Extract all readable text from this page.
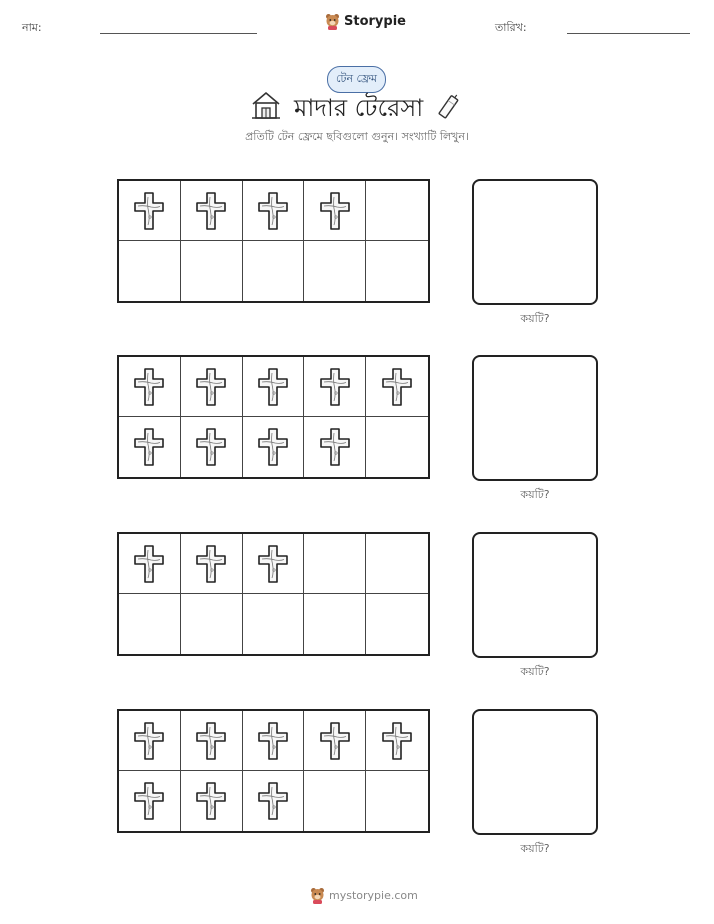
নাম:	Storypie	তারিখ:
টেন ফ্রেম
মাদার টেরেসা
প্রতিটি টেন ফ্রেমে ছবিগুলো গুনুন। সংখ্যাটি লিখুন।
কয়টি?
কয়টি?
কয়টি?
কয়টি?
mystorypie.com
